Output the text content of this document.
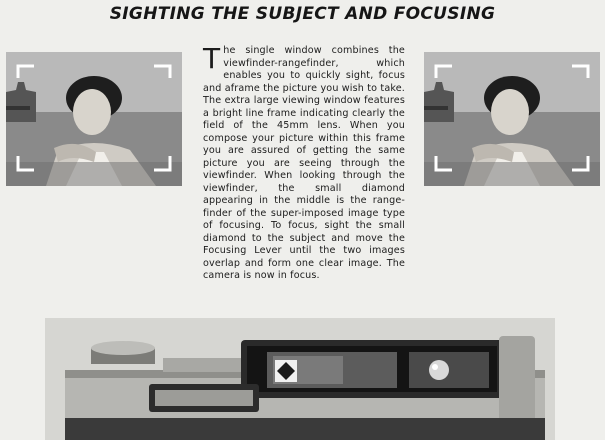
SIGHTING THE SUBJECT AND FOCUSING
T he single window combines the viewfinder-rangefinder, which enables you to quickly sight, focus and aframe the picture you wish to take. The extra large viewing window features a bright line frame indicating clearly the field of the 45mm lens. When you compose your picture within this frame you are assured of getting the same picture you are seeing through the viewfinder. When looking through the viewfinder, the small diamond appearing in the middle is the range-finder of the super-imposed image type of focusing. To focus, sight the small diamond to the subject and move the Focusing Lever until the two images overlap and form one clear image. The camera is now in focus.
